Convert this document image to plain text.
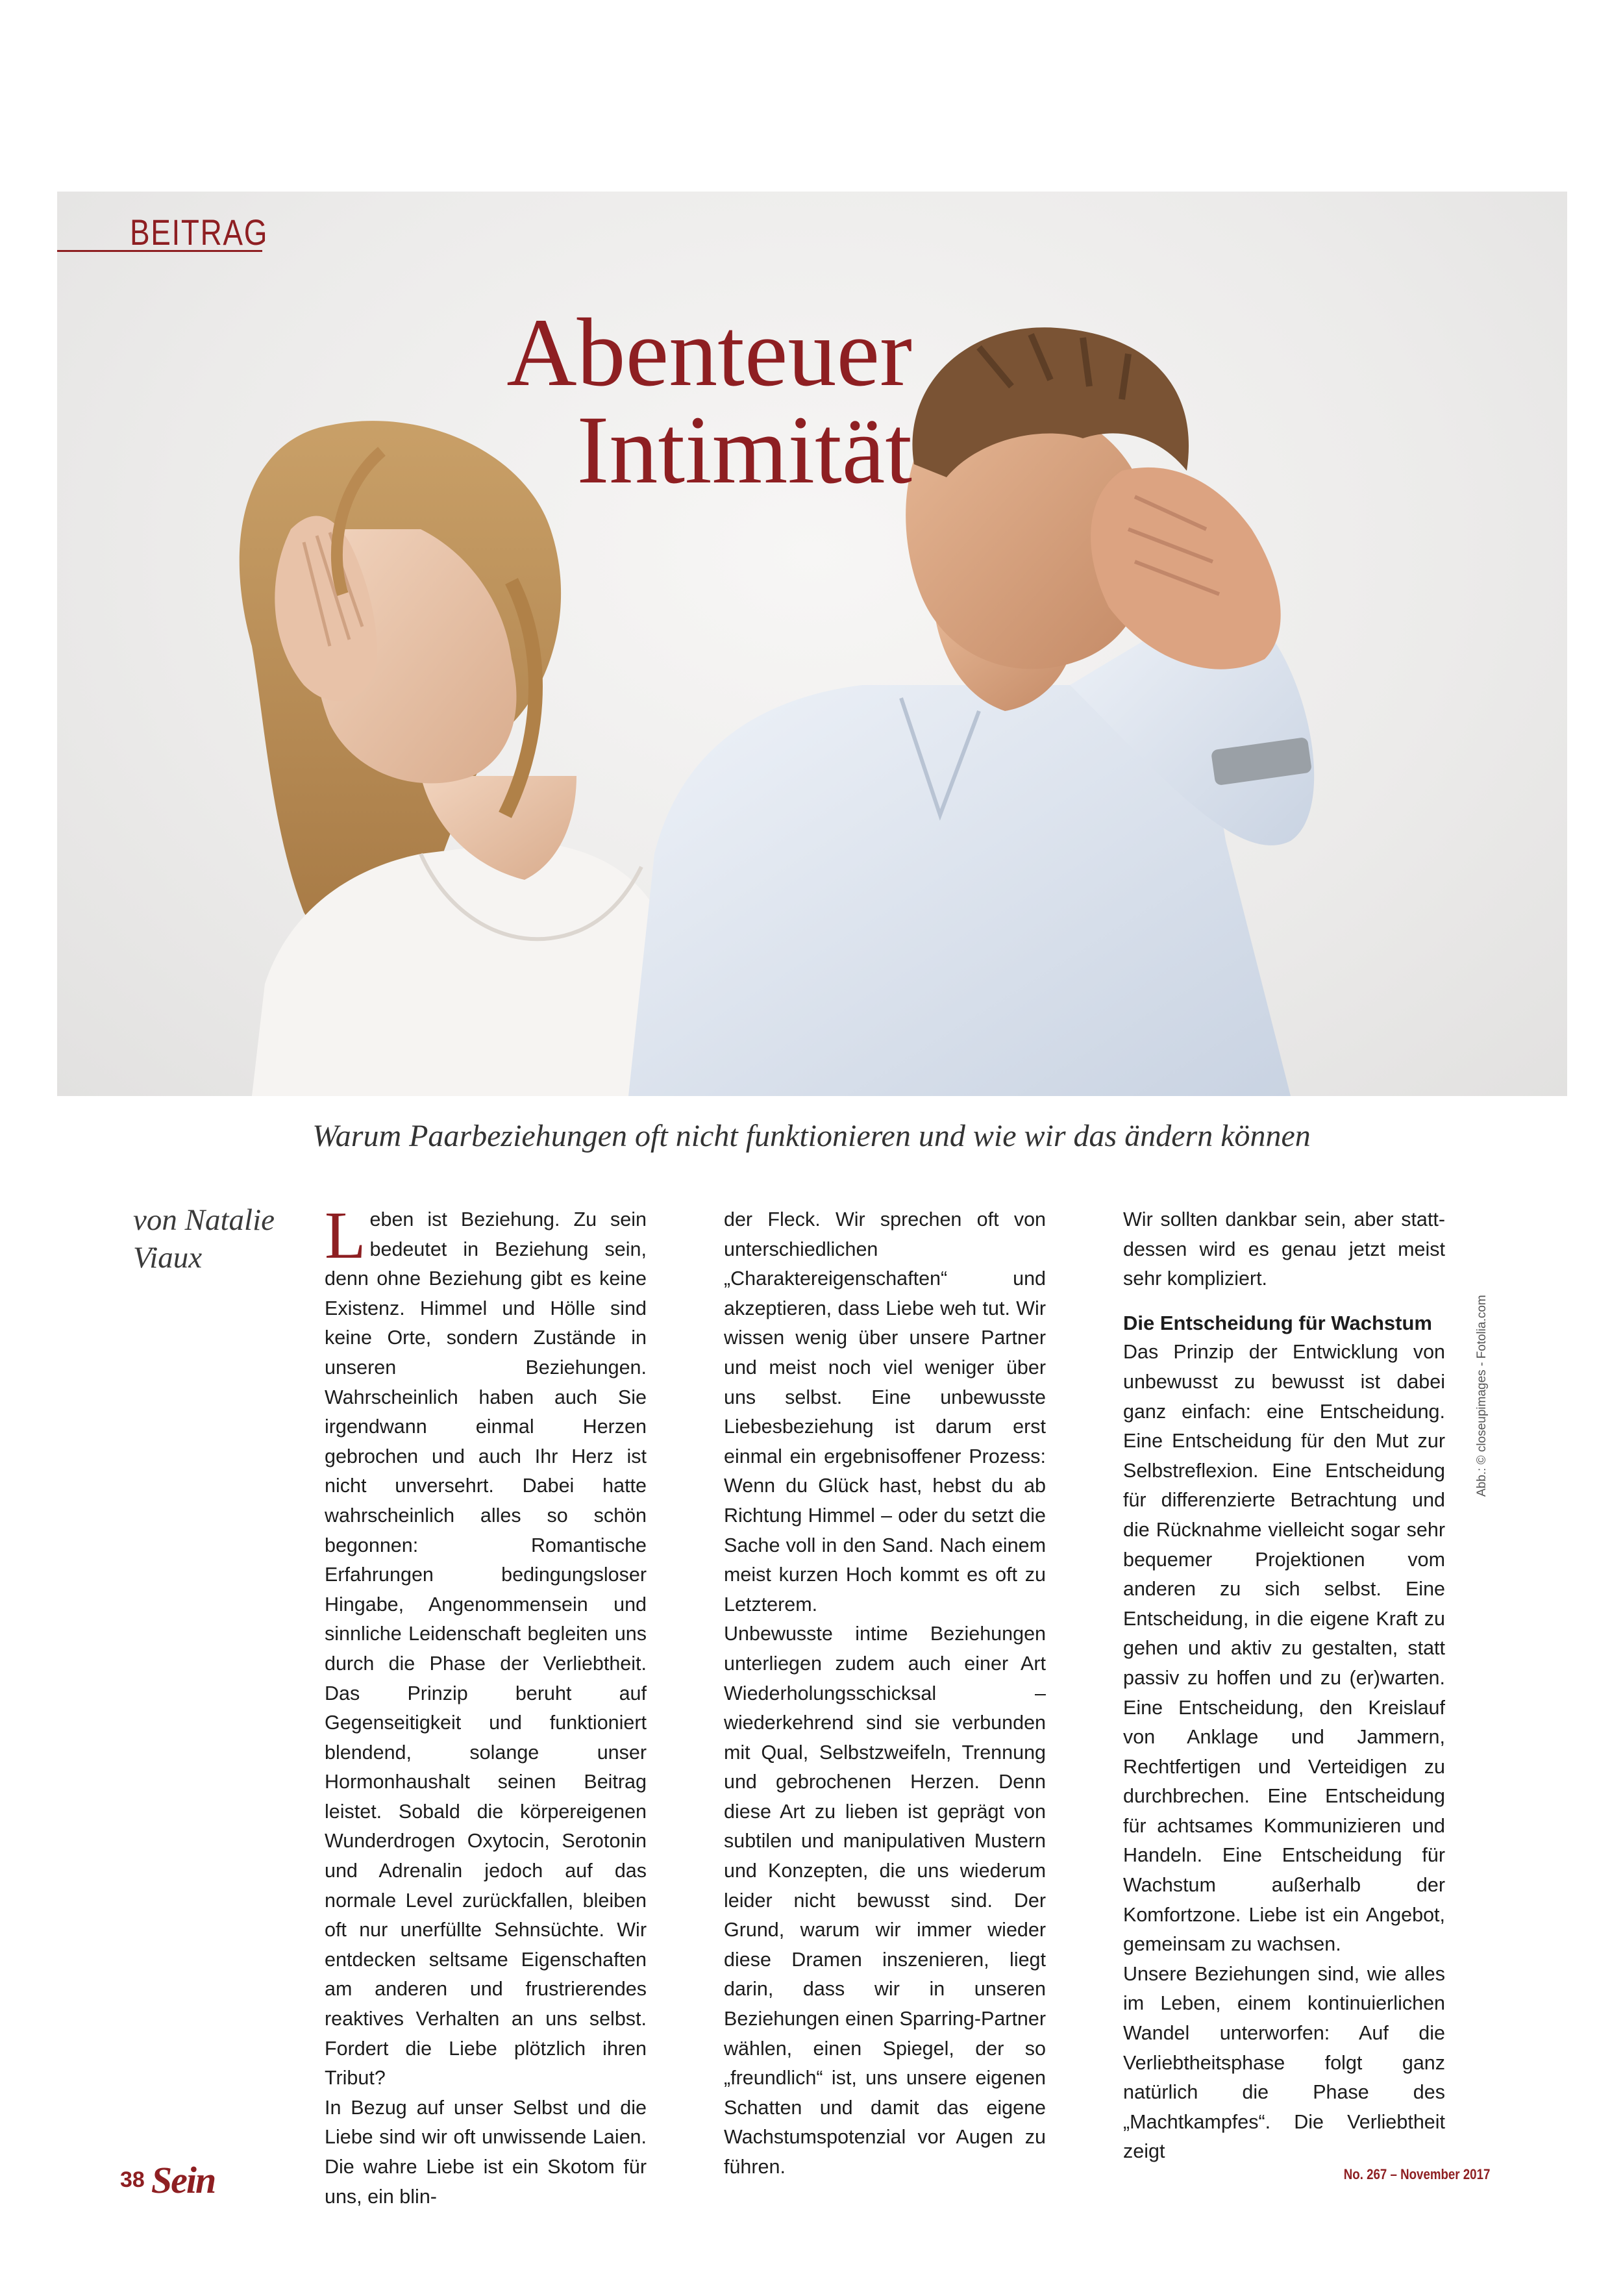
BEITRAG
Abenteuer
Intimität
Warum Paarbeziehungen oft nicht funktionieren und wie wir das ändern können
von Natalie
Viaux	Leben ist Beziehung. Zu sein bedeutet in Beziehung sein, denn ohne Beziehung gibt es keine Existenz. Himmel und Hölle sind keine Orte, sondern Zustände in unseren Beziehungen. Wahrscheinlich haben auch Sie irgendwann einmal Herzen gebrochen und auch Ihr Herz ist nicht unversehrt. Dabei hatte wahrscheinlich alles so schön begonnen: Romantische Erfahrungen bedingungsloser Hingabe, Angenommensein und sinnliche Leidenschaft begleiten uns durch die Phase der Verliebtheit. Das Prinzip beruht auf Gegenseitigkeit und funktioniert blendend, solange unser Hormonhaushalt seinen Beitrag leistet. Sobald die körpereigenen Wunderdrogen Oxytocin, Serotonin und Adrenalin jedoch auf das normale Level zurückfallen, bleiben oft nur unerfüllte Sehnsüchte. Wir entdecken seltsame Eigenschaften am anderen und frustrierendes reaktives Verhalten an uns selbst. Fordert die Liebe plötzlich ihren Tribut?

In Bezug auf unser Selbst und die Liebe sind wir oft unwissende Laien. Die wahre Liebe ist ein Skotom für uns, ein blin-

der Fleck. Wir sprechen oft von unterschiedlichen „Charaktereigenschaften“ und akzeptieren, dass Liebe weh tut. Wir wissen wenig über unsere Partner und meist noch viel weniger über uns selbst. Eine unbewusste Liebesbeziehung ist darum erst einmal ein ergebnisoffener Prozess: Wenn du Glück hast, hebst du ab Richtung Himmel – oder du setzt die Sache voll in den Sand. Nach einem meist kurzen Hoch kommt es oft zu Letzterem.

Unbewusste intime Beziehungen unterliegen zudem auch einer Art Wiederholungsschicksal – wiederkehrend sind sie verbunden mit Qual, Selbstzweifeln, Trennung und gebrochenen Herzen. Denn diese Art zu lieben ist geprägt von subtilen und manipulativen Mustern und Konzepten, die uns wiederum leider nicht bewusst sind. Der Grund, warum wir immer wieder diese Dramen inszenieren, liegt darin, dass wir in unseren Beziehungen einen Sparring-Partner wählen, einen Spiegel, der so „freundlich“ ist, uns unsere eigenen Schatten und damit das eigene Wachstumspotenzial vor Augen zu führen.

Wir sollten dankbar sein, aber stattdessen wird es genau jetzt meist sehr kompliziert.

Die Entscheidung für Wachstum

Das Prinzip der Entwicklung von unbewusst zu bewusst ist dabei ganz einfach: eine Entscheidung. Eine Entscheidung für den Mut zur Selbstreflexion. Eine Entscheidung für differenzierte Betrachtung und die Rücknahme vielleicht sogar sehr bequemer Projektionen vom anderen zu sich selbst. Eine Entscheidung, in die eigene Kraft zu gehen und aktiv zu gestalten, statt passiv zu hoffen und zu (er)warten. Eine Entscheidung, den Kreislauf von Anklage und Jammern, Rechtfertigen und Verteidigen zu durchbrechen. Eine Entscheidung für achtsames Kommunizieren und Handeln. Eine Entscheidung für Wachstum außerhalb der Komfortzone. Liebe ist ein Angebot, gemeinsam zu wachsen.

Unsere Beziehungen sind, wie alles im Leben, einem kontinuierlichen Wandel unterworfen: Auf die Verliebtheitsphase folgt ganz natürlich die Phase des „Machtkampfes“. Die Verliebtheit zeigt

Abb.: © closeupimages - Fotolia.com
38 Sein	No. 267 – November 2017
